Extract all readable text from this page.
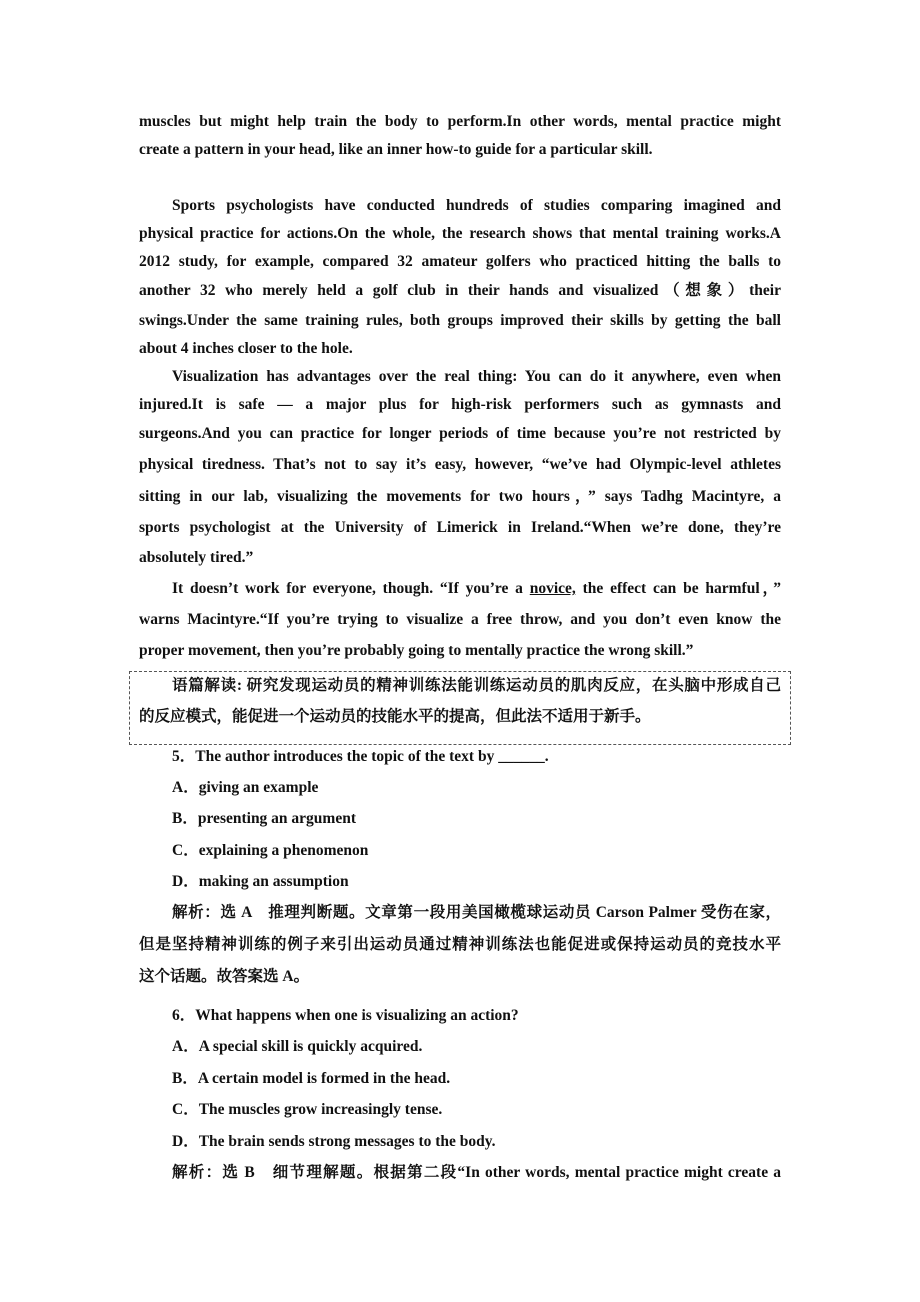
muscles but might help train the body to perform.In other words, mental practice might
create a pattern in your head, like an inner how-to guide for a particular skill.
Sports psychologists have conducted hundreds of studies comparing imagined and
physical practice for actions.On the whole, the research shows that mental training works.A
2012 study, for example, compared 32 amateur golfers who practiced hitting the balls to
another 32 who merely held a golf club in their hands and visualized（想象）their
swings.Under the same training rules, both groups improved their skills by getting the ball
about 4 inches closer to the hole.
Visualization has advantages over the real thing: You can do it anywhere, even when
injured.It is safe — a major plus for high-risk performers such as gymnasts and
surgeons.And you can practice for longer periods of time because you’re not restricted by
physical tiredness. That’s not to say it’s easy, however, “we’ve had Olympic-level athletes
sitting in our lab, visualizing the movements for two hours，” says Tadhg Macintyre, a
sports psychologist at the University of Limerick in Ireland.“When we’re done, they’re
absolutely tired.”
It doesn’t work for everyone, though. “If you’re a novice, the effect can be harmful，”
warns Macintyre.“If you’re trying to visualize a free throw, and you don’t even know the
proper movement, then you’re probably going to mentally practice the wrong skill.”
语篇解读: 研究发现运动员的精神训练法能训练运动员的肌肉反应，在头脑中形成自己
的反应模式，能促进一个运动员的技能水平的提高，但此法不适用于新手。
5．The author introduces the topic of the text by ______.
A．giving an example
B．presenting an argument
C．explaining a phenomenon
D．making an assumption
解析：选 A　推理判断题。文章第一段用美国橄榄球运动员 Carson Palmer 受伤在家，
但是坚持精神训练的例子来引出运动员通过精神训练法也能促进或保持运动员的竞技水平
这个话题。故答案选 A。
6．What happens when one is visualizing an action?
A．A special skill is quickly acquired.
B．A certain model is formed in the head.
C．The muscles grow increasingly tense.
D．The brain sends strong messages to the body.
解析：选 B　细节理解题。根据第二段“In other words, mental practice might create a
